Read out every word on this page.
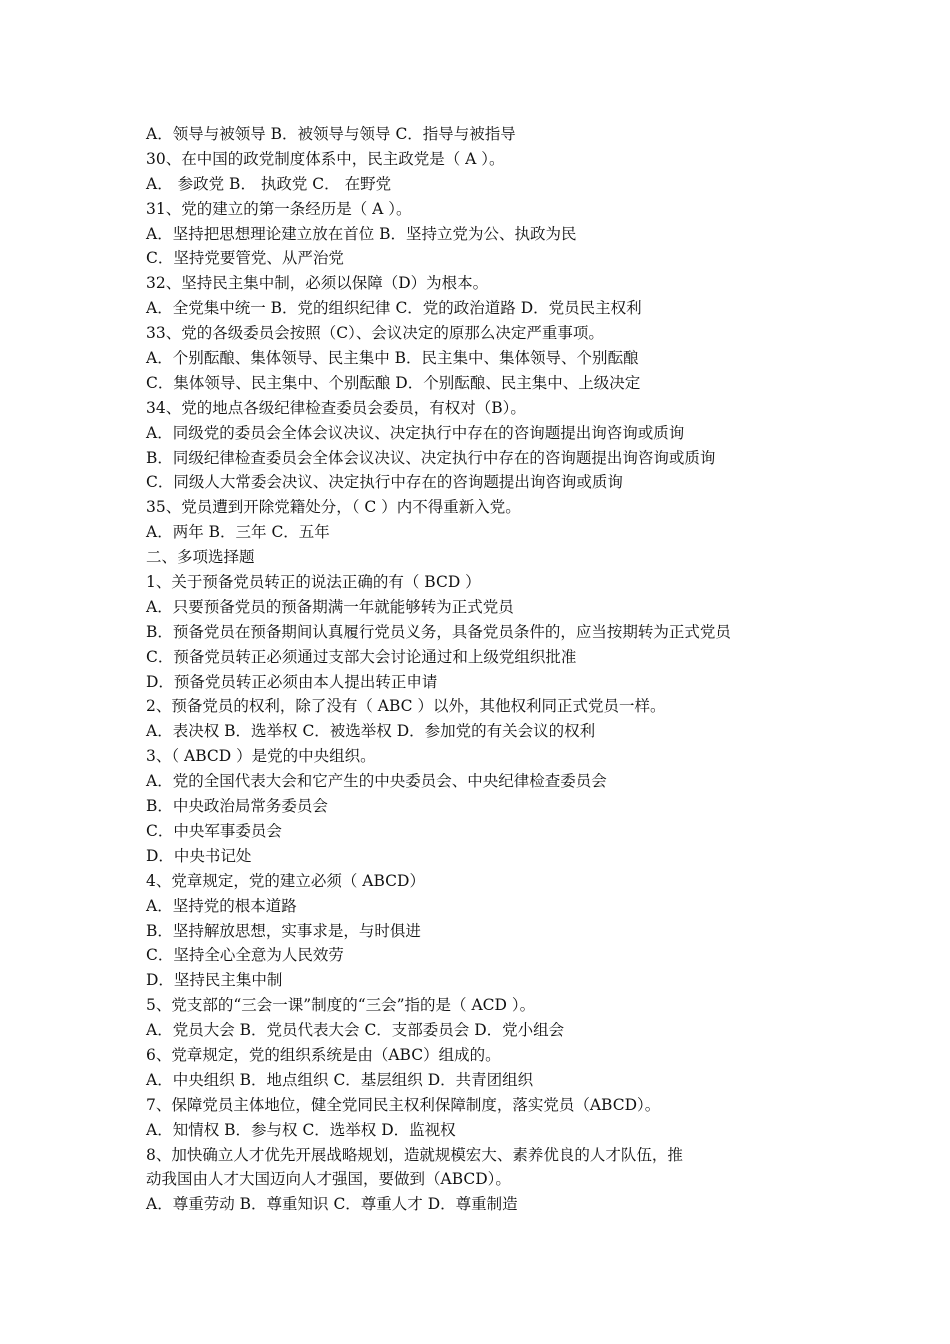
A．领导与被领导 B．被领导与领导 C．指导与被指导
30、在中国的政党制度体系中，民主政党是（ A ）。
A． 参政党 B． 执政党 C． 在野党
31、党的建立的第一条经历是（ A ）。
A．坚持把思想理论建立放在首位 B．坚持立党为公、执政为民
C．坚持党要管党、从严治党
32、坚持民主集中制，必须以保障（D）为根本。
A．全党集中统一 B．党的组织纪律 C．党的政治道路 D．党员民主权利
33、党的各级委员会按照（C）、会议决定的原那么决定严重事项。
A．个别酝酿、集体领导、民主集中 B．民主集中、集体领导、个别酝酿
C．集体领导、民主集中、个别酝酿 D．个别酝酿、民主集中、上级决定
34、党的地点各级纪律检查委员会委员，有权对（B）。
A．同级党的委员会全体会议决议、决定执行中存在的咨询题提出询咨询或质询
B．同级纪律检查委员会全体会议决议、决定执行中存在的咨询题提出询咨询或质询
C．同级人大常委会决议、决定执行中存在的咨询题提出询咨询或质询
35、党员遭到开除党籍处分，（ C ）内不得重新入党。
A．两年 B．三年 C．五年
二、多项选择题
1、关于预备党员转正的说法正确的有（ BCD ）
A．只要预备党员的预备期满一年就能够转为正式党员
B．预备党员在预备期间认真履行党员义务，具备党员条件的，应当按期转为正式党员
C．预备党员转正必须通过支部大会讨论通过和上级党组织批准
D．预备党员转正必须由本人提出转正申请
2、预备党员的权利，除了没有（ ABC ）以外，其他权利同正式党员一样。
A．表决权 B．选举权 C．被选举权 D．参加党的有关会议的权利
3、（ ABCD ）是党的中央组织。
A．党的全国代表大会和它产生的中央委员会、中央纪律检查委员会
B．中央政治局常务委员会
C．中央军事委员会
D．中央书记处
4、党章规定，党的建立必须（ ABCD）
A．坚持党的根本道路
B．坚持解放思想，实事求是，与时俱进
C．坚持全心全意为人民效劳
D．坚持民主集中制
5、党支部的“三会一课”制度的“三会”指的是（ ACD ）。
A．党员大会 B．党员代表大会 C．支部委员会 D．党小组会
6、党章规定，党的组织系统是由（ABC）组成的。
A．中央组织 B．地点组织 C．基层组织 D．共青团组织
7、保障党员主体地位，健全党同民主权利保障制度，落实党员（ABCD）。
A．知情权 B．参与权 C．选举权 D．监视权
8、加快确立人才优先开展战略规划，造就规模宏大、素养优良的人才队伍，推
动我国由人才大国迈向人才强国，要做到（ABCD）。
A．尊重劳动 B．尊重知识 C．尊重人才 D．尊重制造
